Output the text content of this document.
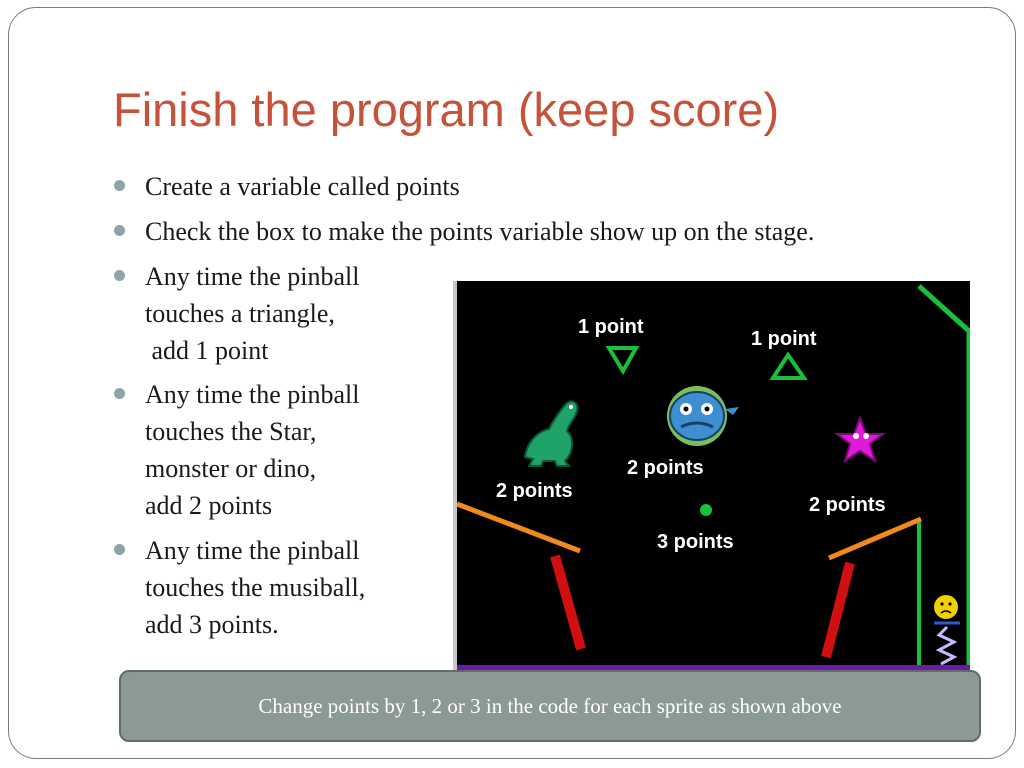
Finish the program (keep score)
Create a variable called points
Check the box to make the points variable show up on the stage.
Any time the pinball
touches a triangle,
add 1 point
Any time the pinball
touches the Star,
monster or dino,
add 2 points
Any time the pinball
touches the musiball,
add 3 points.
1 point
1 point
2 points
2 points
2 points
3 points
Change points by 1, 2 or 3 in the code for each sprite as shown above
